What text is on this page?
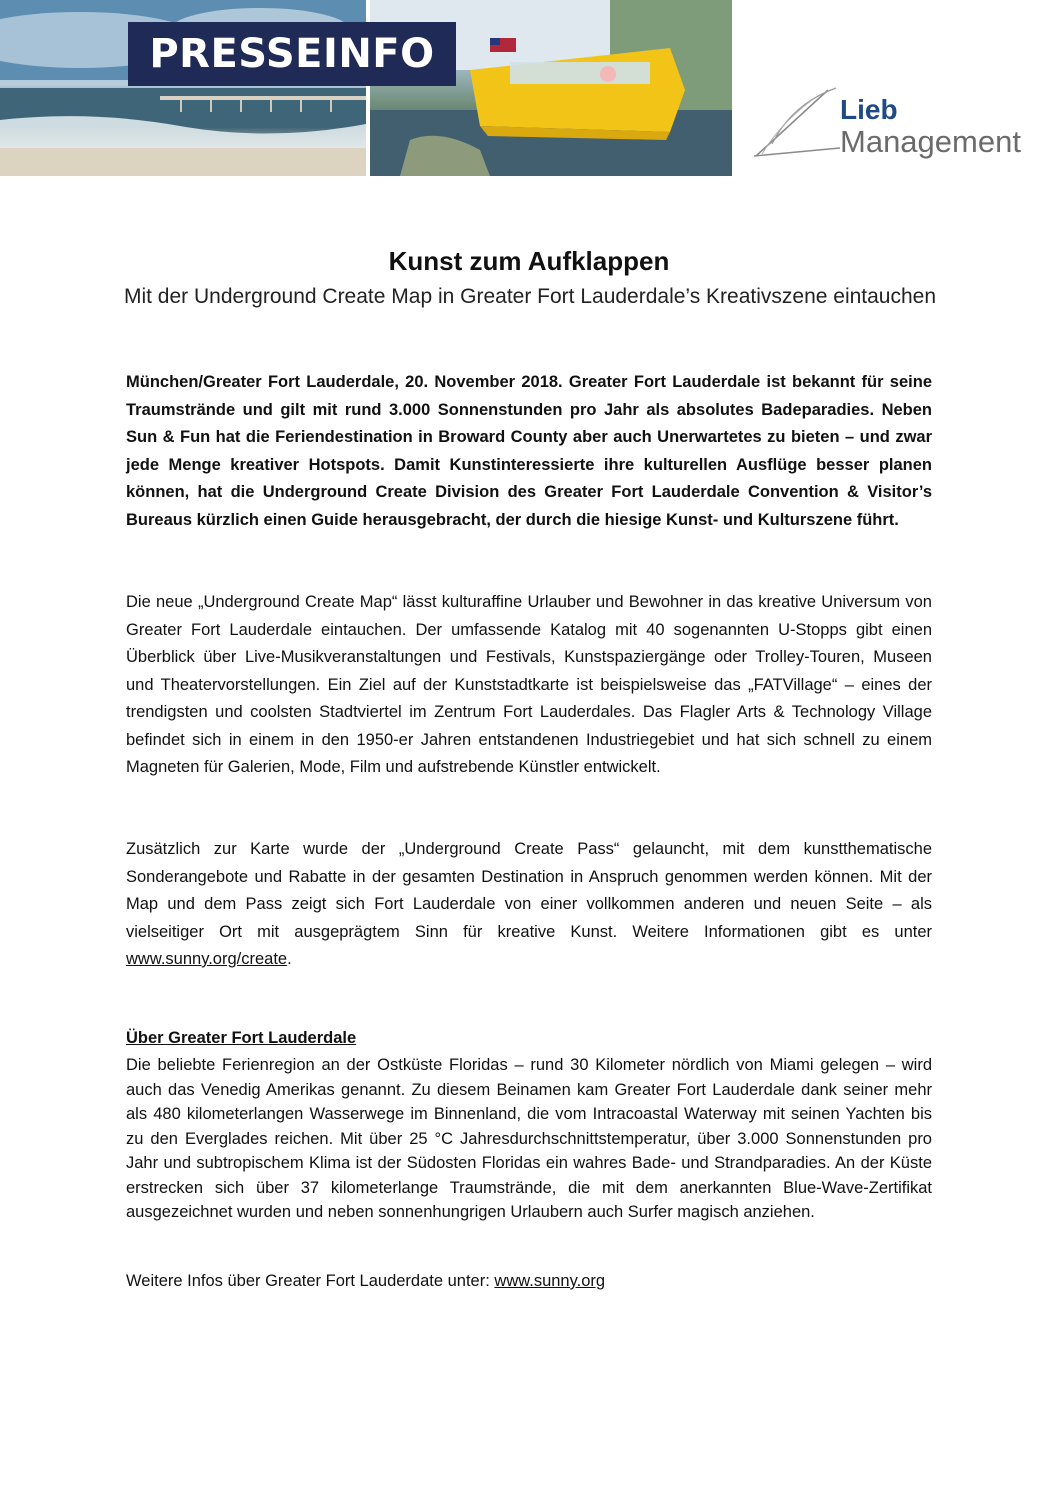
PRESSEINFO
Lieb
Management
Kunst zum Aufklappen
Mit der Underground Create Map in Greater Fort Lauderdale’s Kreativszene eintauchen
München/Greater Fort Lauderdale, 20. November 2018. Greater Fort Lauderdale ist bekannt für seine Traumstrände und gilt mit rund 3.000 Sonnenstunden pro Jahr als absolutes Badeparadies. Neben Sun & Fun hat die Feriendestination in Broward County aber auch Unerwartetes zu bieten – und zwar jede Menge kreativer Hotspots. Damit Kunstinteressierte ihre kulturellen Ausflüge besser planen können, hat die Underground Create Division des Greater Fort Lauderdale Convention & Visitor’s Bureaus kürzlich einen Guide herausgebracht, der durch die hiesige Kunst- und Kulturszene führt.
Die neue „Underground Create Map“ lässt kulturaffine Urlauber und Bewohner in das kreative Universum von Greater Fort Lauderdale eintauchen. Der umfassende Katalog mit 40 sogenannten U-Stopps gibt einen Überblick über Live-Musikveranstaltungen und Festivals, Kunstspaziergänge oder Trolley-Touren, Museen und Theatervorstellungen. Ein Ziel auf der Kunststadtkarte ist beispielsweise das „FATVillage“ – eines der trendigsten und coolsten Stadtviertel im Zentrum Fort Lauderdales. Das Flagler Arts & Technology Village befindet sich in einem in den 1950-er Jahren entstandenen Industriegebiet und hat sich schnell zu einem Magneten für Galerien, Mode, Film und aufstrebende Künstler entwickelt.
Zusätzlich zur Karte wurde der „Underground Create Pass“ gelauncht, mit dem kunstthematische Sonderangebote und Rabatte in der gesamten Destination in Anspruch genommen werden können. Mit der Map und dem Pass zeigt sich Fort Lauderdale von einer vollkommen anderen und neuen Seite – als vielseitiger Ort mit ausgeprägtem Sinn für kreative Kunst. Weitere Informationen gibt es unter www.sunny.org/create.
Über Greater Fort Lauderdale
Die beliebte Ferienregion an der Ostküste Floridas – rund 30 Kilometer nördlich von Miami gelegen – wird auch das Venedig Amerikas genannt. Zu diesem Beinamen kam Greater Fort Lauderdale dank seiner mehr als 480 kilometerlangen Wasserwege im Binnenland, die vom Intracoastal Waterway mit seinen Yachten bis zu den Everglades reichen. Mit über 25 °C Jahresdurchschnittstemperatur, über 3.000 Sonnenstunden pro Jahr und subtropischem Klima ist der Südosten Floridas ein wahres Bade- und Strandparadies. An der Küste erstrecken sich über 37 kilometerlange Traumstrände, die mit dem anerkannten Blue-Wave-Zertifikat ausgezeichnet wurden und neben sonnenhungrigen Urlaubern auch Surfer magisch anziehen.
Weitere Infos über Greater Fort Lauderdate unter: www.sunny.org
